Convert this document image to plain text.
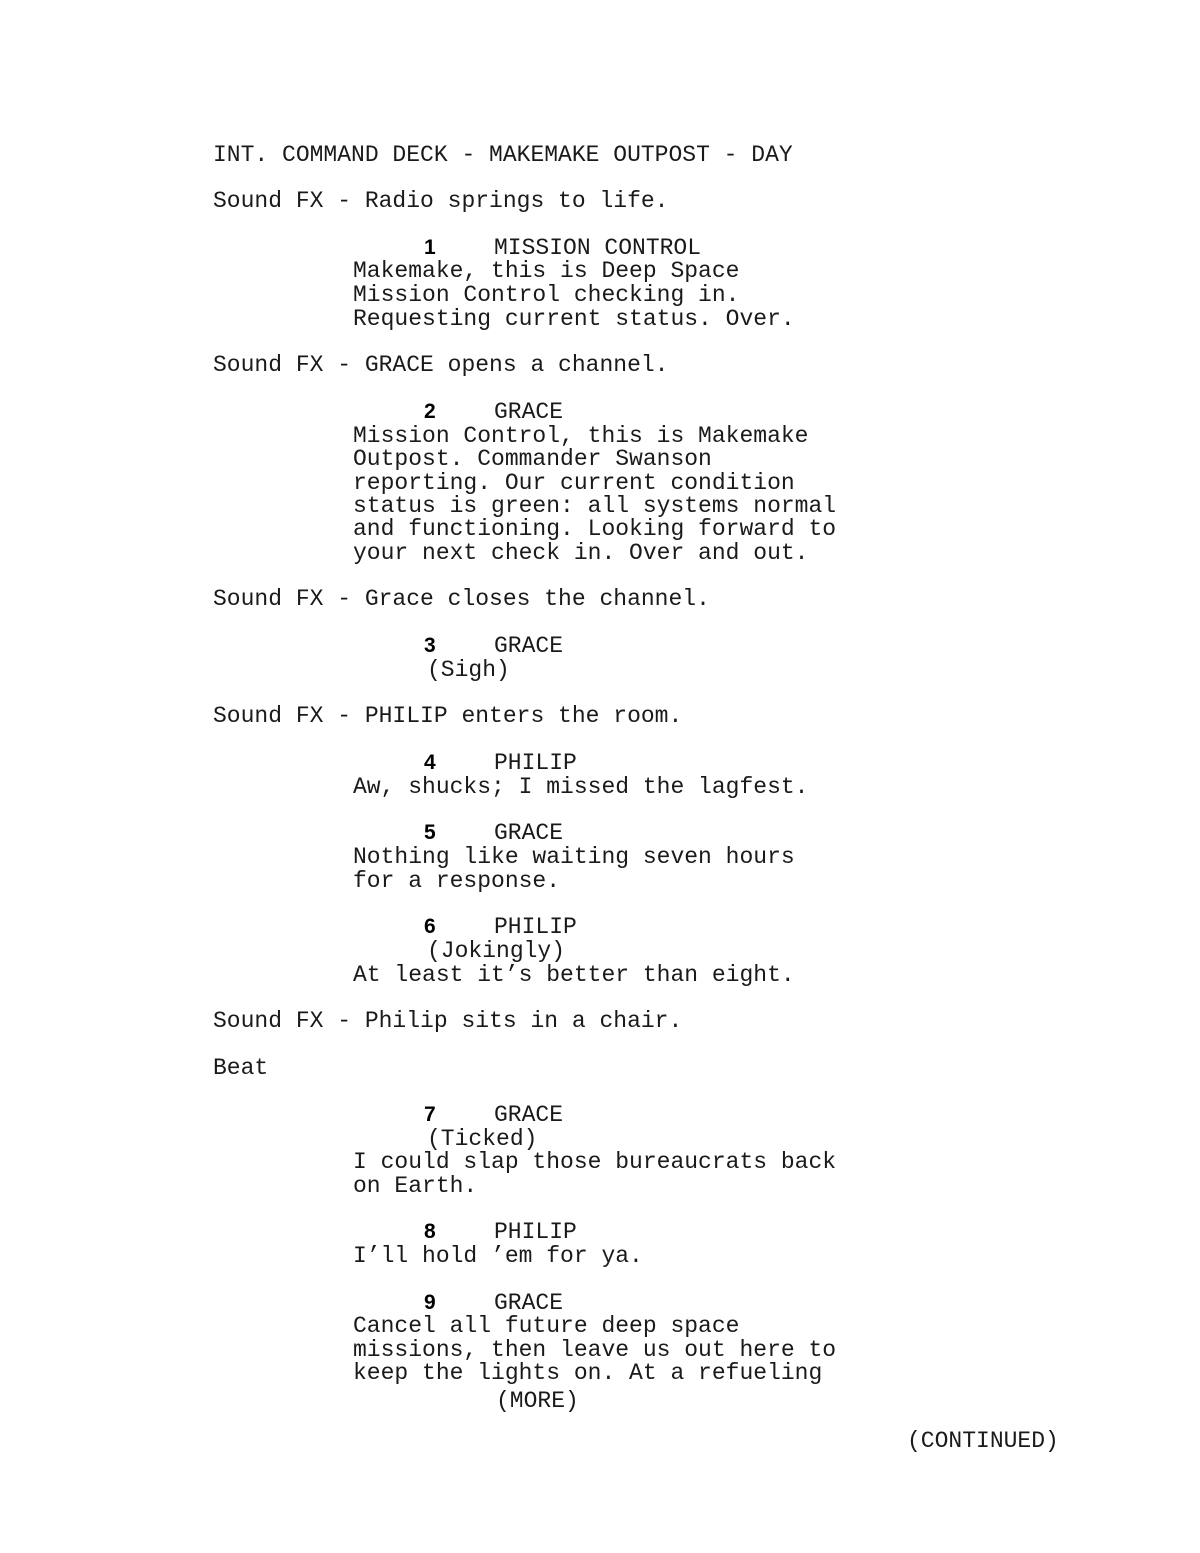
INT. COMMAND DECK - MAKEMAKE OUTPOST - DAY
Sound FX - Radio springs to life.
1	MISSION CONTROL
Makemake, this is Deep Space
Mission Control checking in.
Requesting current status. Over.
Sound FX - GRACE opens a channel.
2	GRACE
Mission Control, this is Makemake
Outpost. Commander Swanson
reporting. Our current condition
status is green: all systems normal
and functioning. Looking forward to
your next check in. Over and out.
Sound FX - Grace closes the channel.
3	GRACE
(Sigh)
Sound FX - PHILIP enters the room.
4	PHILIP
Aw, shucks; I missed the lagfest.
5	GRACE
Nothing like waiting seven hours
for a response.
6	PHILIP
(Jokingly)
At least it’s better than eight.
Sound FX - Philip sits in a chair.
Beat
7	GRACE
(Ticked)
I could slap those bureaucrats back
on Earth.
8	PHILIP
I’ll hold ’em for ya.
9	GRACE
Cancel all future deep space
missions, then leave us out here to
keep the lights on. At a refueling
(MORE)
(CONTINUED)
